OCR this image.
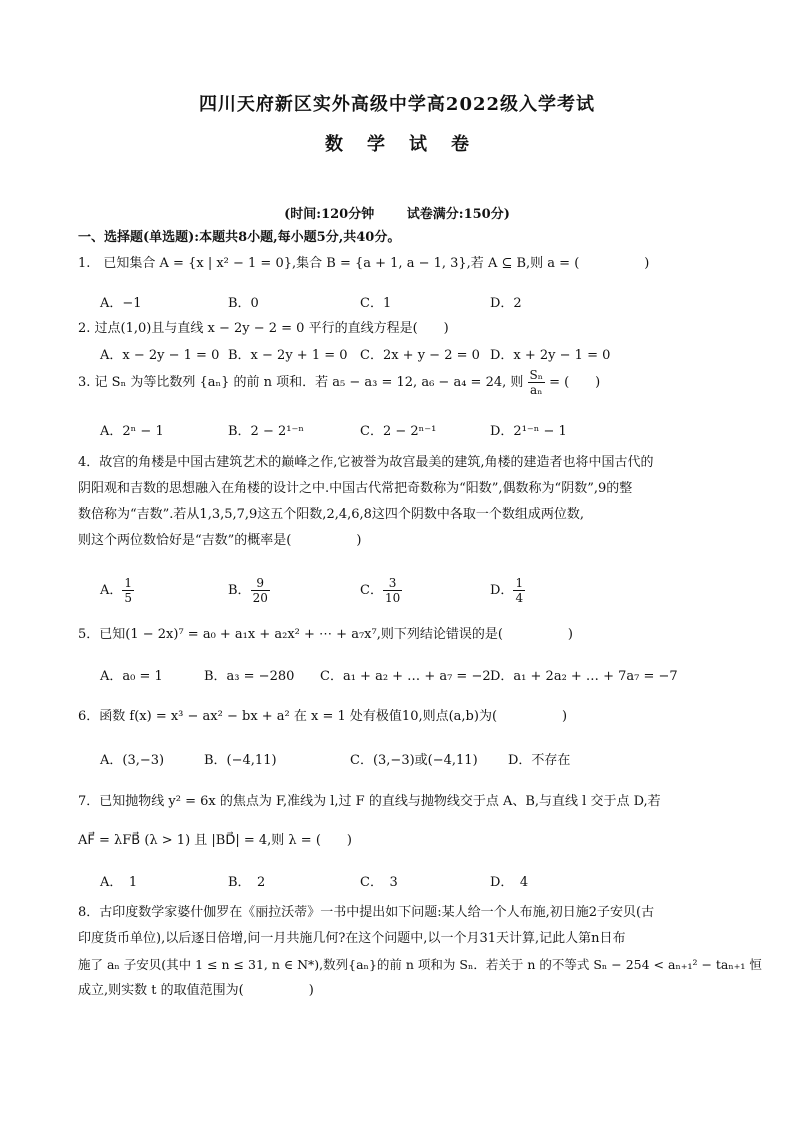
四川天府新区实外高级中学高2022级入学考试
数 学 试 卷
(时间:120分钟	试卷满分:150分)
一、选择题(单选题):本题共8小题,每小题5分,共40分。
1.　已知集合 A = {x | x² − 1 = 0},集合 B = {a + 1, a − 1, 3},若 A ⊆ B,则 a = (　　　　　)
A．−1	B．0	C．1	D．2
2. 过点(1,0)且与直线 x − 2y − 2 = 0 平行的直线方程是(　　)
A．x − 2y − 1 = 0 B．x − 2y + 1 = 0 C．2x + y − 2 = 0 D．x + 2y − 1 = 0
3. 记 Sₙ 为等比数列 {aₙ} 的前 n 项和．若 a₅ − a₃ = 12, a₆ − a₄ = 24, 则 $\frac{\text{Sₙ}}{\text{aₙ}}$ = (　　)
A．2ⁿ − 1	B．2 − 2¹⁻ⁿ	C．2 − 2ⁿ⁻¹	D．2¹⁻ⁿ − 1
4．故宫的角楼是中国古建筑艺术的巅峰之作,它被誉为故宫最美的建筑,角楼的建造者也将中国古代的
阴阳观和吉数的思想融入在角楼的设计之中.中国古代常把奇数称为“阳数”,偶数称为“阴数”,9的整
数倍称为“吉数”.若从1,3,5,7,9这五个阳数,2,4,6,8这四个阴数中各取一个数组成两位数,
则这个两位数恰好是“吉数”的概率是(　　　　　)
A． $\frac{1}{5}$	B． $\frac{9}{20}$	C． $\frac{3}{10}$	D． $\frac{1}{4}$
5．已知(1 − 2x)⁷ = a₀ + a₁x + a₂x² + ⋯ + a₇x⁷,则下列结论错误的是(　　　　　)
A．a₀ = 1	B．a₃ = −280 C．a₁ + a₂ + … + a₇ = −2 D．a₁ + 2a₂ + … + 7a₇ = −7
6．函数 f(x) = x³ − ax² − bx + a² 在 x = 1 处有极值10,则点(a,b)为(　　　　　)
A．(3,−3)	B．(−4,11)	C．(3,−3)或(−4,11) D．不存在
7．已知抛物线 y² = 6x 的焦点为 F,准线为 l,过 F 的直线与抛物线交于点 A、B,与直线 l 交于点 D,若
AF⃗ = λFB⃗ (λ > 1) 且 |BD⃗| = 4,则 λ = (　　)
A．　1	B．　2	C．　3	D．　4
8．古印度数学家婆什伽罗在《丽拉沃蒂》一书中提出如下问题:某人给一个人布施,初日施2子安贝(古
印度货币单位),以后逐日倍增,问一月共施几何?在这个问题中,以一个月31天计算,记此人第n日布
施了 aₙ 子安贝(其中 1 ≤ n ≤ 31, n ∈ N*),数列{aₙ}的前 n 项和为 Sₙ．若关于 n 的不等式 Sₙ − 254 < aₙ₊₁² − taₙ₊₁ 恒
成立,则实数 t 的取值范围为(　　　　　)
